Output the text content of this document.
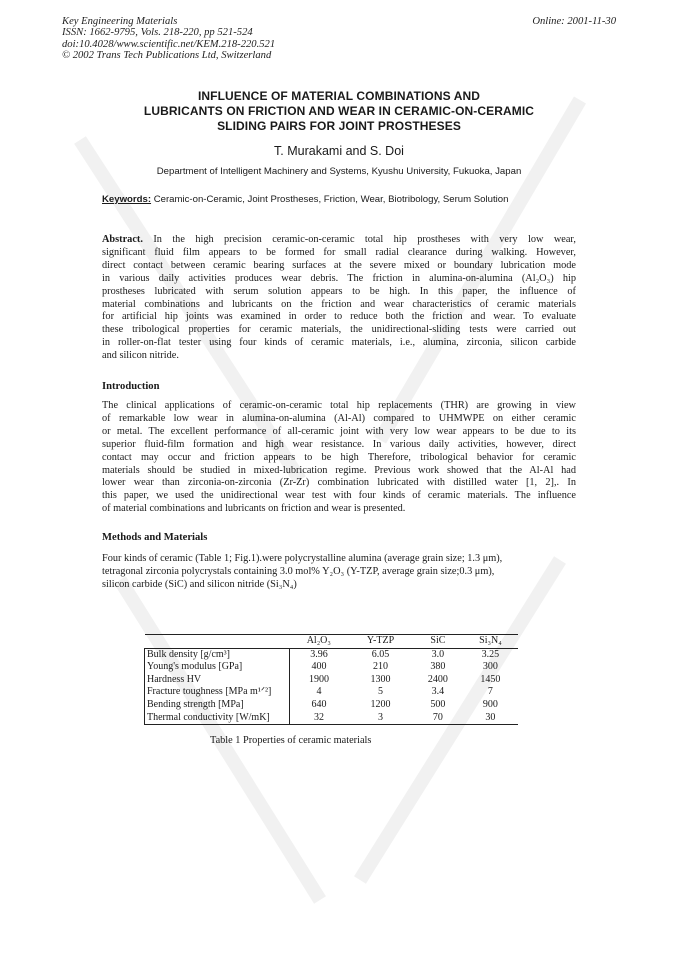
Key Engineering Materials
ISSN: 1662-9795, Vols. 218-220, pp 521-524
doi:10.4028/www.scientific.net/KEM.218-220.521
© 2002 Trans Tech Publications Ltd, Switzerland
Online: 2001-11-30
INFLUENCE OF MATERIAL COMBINATIONS AND
LUBRICANTS ON FRICTION AND WEAR IN CERAMIC-ON-CERAMIC
SLIDING PAIRS FOR JOINT PROSTHESES
T. Murakami and S. Doi
Department of Intelligent Machinery and Systems, Kyushu University, Fukuoka, Japan
Keywords: Ceramic-on-Ceramic, Joint Prostheses, Friction, Wear, Biotribology, Serum Solution
Abstract. In the high precision ceramic-on-ceramic total hip prostheses with very low wear,
significant fluid film appears to be formed for small radial clearance during walking. However,
direct contact between ceramic bearing surfaces at the severe mixed or boundary lubrication mode
in various daily activities produces wear debris. The friction in alumina-on-alumina (Al₂O₃) hip
prostheses lubricated with serum solution appears to be high. In this paper, the influence of
material combinations and lubricants on the friction and wear characteristics of ceramic materials
for artificial hip joints was examined in order to reduce both the friction and wear. To evaluate
these tribological properties for ceramic materials, the unidirectional-sliding tests were carried out
in roller-on-flat tester using four kinds of ceramic materials, i.e., alumina, zirconia, silicon carbide
and silicon nitride.
Introduction
The clinical applications of ceramic-on-ceramic total hip replacements (THR) are growing in view
of remarkable low wear in alumina-on-alumina (Al-Al) compared to UHMWPE on either ceramic
or metal. The excellent performance of all-ceramic joint with very low wear appears to be due to its
superior fluid-film formation and high wear resistance. In various daily activities, however, direct
contact may occur and friction appears to be high Therefore, tribological behavior for ceramic
materials should be studied in mixed-lubrication regime. Previous work showed that the Al-Al had
lower wear than zirconia-on-zirconia (Zr-Zr) combination lubricated with distilled water [1, 2],. In
this paper, we used the unidirectional wear test with four kinds of ceramic materials. The influence
of material combinations and lubricants on friction and wear is presented.
Methods and Materials
Four kinds of ceramic (Table 1; Fig.1).were polycrystalline alumina (average grain size; 1.3 μm),
tetragonal zirconia polycrystals containing 3.0 mol% Y₂O₃ (Y-TZP, average grain size;0.3 μm),
silicon carbide (SiC) and silicon nitride (Si₃N₄)
	Al₂O₃	Y-TZP	SiC	Si₃N₄
Bulk density [g/cm³]	3.96	6.05	3.0	3.25
Young's modulus [GPa]	400	210	380	300
Hardness HV	1900	1300	2400	1450
Fracture toughness [MPa m¹ᐟ²]	4	5	3.4	7
Bending strength [MPa]	640	1200	500	900
Thermal conductivity [W/mK]	32	3	70	30
Table 1 Properties of ceramic materials
